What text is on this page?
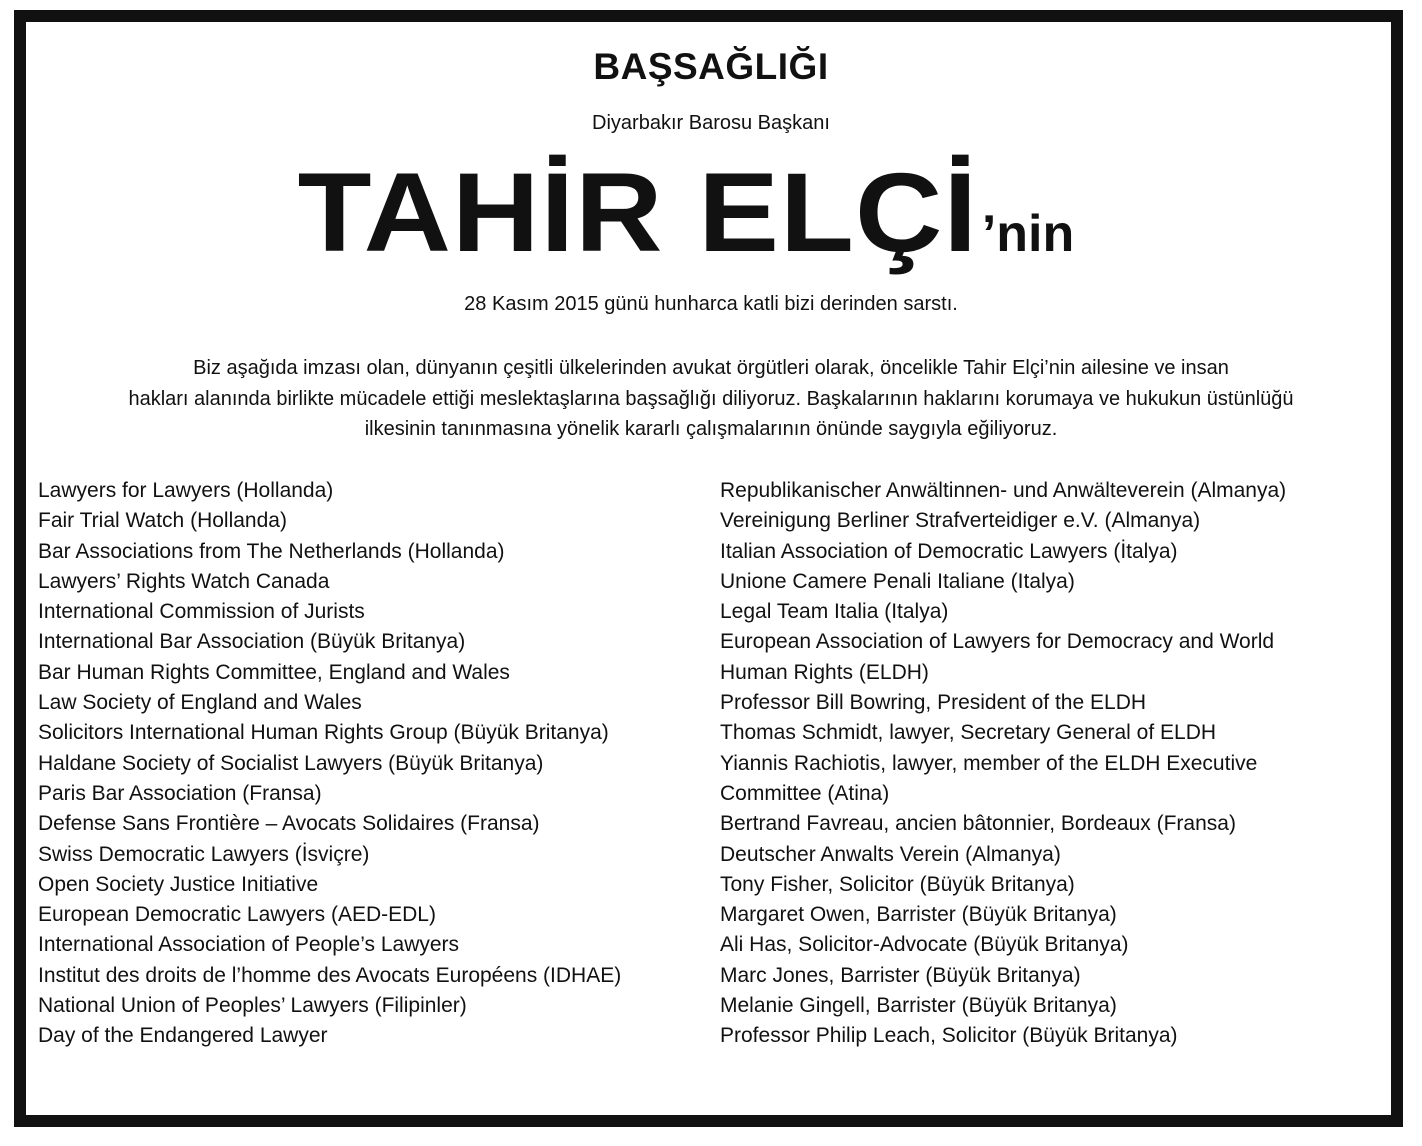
BAŞSAĞLIĞI
Diyarbakır Barosu Başkanı
TAHİR ELÇİ’nin
28 Kasım 2015 günü hunharca katli bizi derinden sarstı.
Biz aşağıda imzası olan, dünyanın çeşitli ülkelerinden avukat örgütleri olarak, öncelikle Tahir Elçi’nin ailesine ve insan
hakları alanında birlikte mücadele ettiği meslektaşlarına başsağlığı diliyoruz. Başkalarının haklarını korumaya ve hukukun üstünlüğü
ilkesinin tanınmasına yönelik kararlı çalışmalarının önünde saygıyla eğiliyoruz.
Lawyers for Lawyers (Hollanda)
Fair Trial Watch (Hollanda)
Bar Associations from The Netherlands (Hollanda)
Lawyers’ Rights Watch Canada
International Commission of Jurists
International Bar Association (Büyük Britanya)
Bar Human Rights Committee, England and Wales
Law Society of England and Wales
Solicitors International Human Rights Group (Büyük Britanya)
Haldane Society of Socialist Lawyers (Büyük Britanya)
Paris Bar Association (Fransa)
Defense Sans Frontière – Avocats Solidaires (Fransa)
Swiss Democratic Lawyers (İsviçre)
Open Society Justice Initiative
European Democratic Lawyers (AED-EDL)
International Association of People’s Lawyers
Institut des droits de l’homme des Avocats Européens (IDHAE)
National Union of Peoples’ Lawyers (Filipinler)
Day of the Endangered Lawyer
Republikanischer Anwältinnen- und Anwälteverein (Almanya)
Vereinigung Berliner Strafverteidiger e.V. (Almanya)
Italian Association of Democratic Lawyers (İtalya)
Unione Camere Penali Italiane (Italya)
Legal Team Italia (Italya)
European Association of Lawyers for Democracy and World
Human Rights (ELDH)
Professor Bill Bowring, President of the ELDH
Thomas Schmidt, lawyer, Secretary General of ELDH
Yiannis Rachiotis, lawyer, member of the ELDH Executive
Committee (Atina)
Bertrand Favreau, ancien bâtonnier, Bordeaux (Fransa)
Deutscher Anwalts Verein (Almanya)
Tony Fisher, Solicitor (Büyük Britanya)
Margaret Owen, Barrister (Büyük Britanya)
Ali Has, Solicitor-Advocate (Büyük Britanya)
Marc Jones, Barrister (Büyük Britanya)
Melanie Gingell, Barrister (Büyük Britanya)
Professor Philip Leach, Solicitor (Büyük Britanya)
